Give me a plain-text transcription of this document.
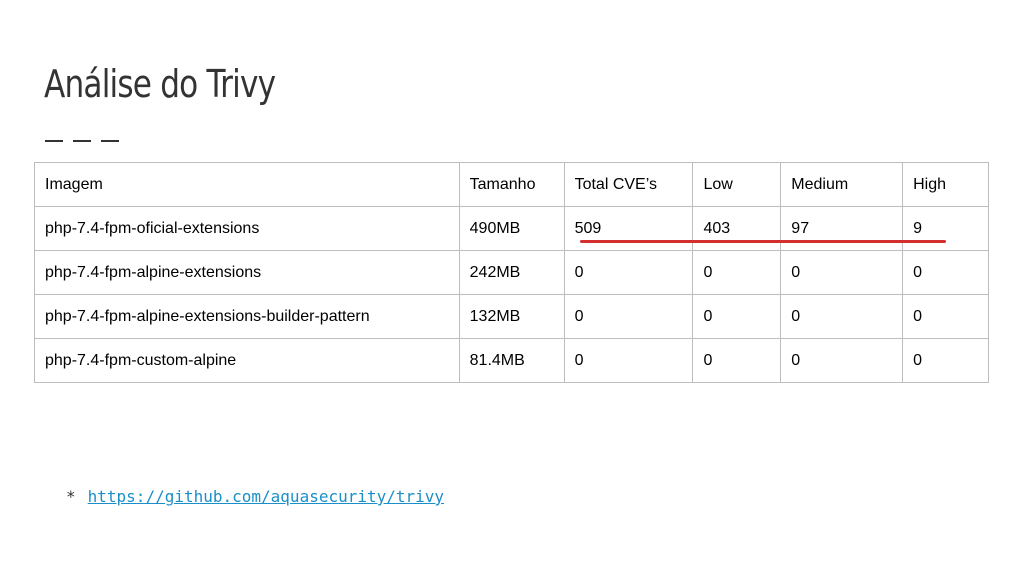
Análise do Trivy
Imagem	Tamanho	Total CVE’s	Low	Medium	High
php-7.4-fpm-oficial-extensions	490MB	509	403	97	9
php-7.4-fpm-alpine-extensions	242MB	0	0	0	0
php-7.4-fpm-alpine-extensions-builder-pattern	132MB	0	0	0	0
php-7.4-fpm-custom-alpine	81.4MB	0	0	0	0
* https://github.com/aquasecurity/trivy
